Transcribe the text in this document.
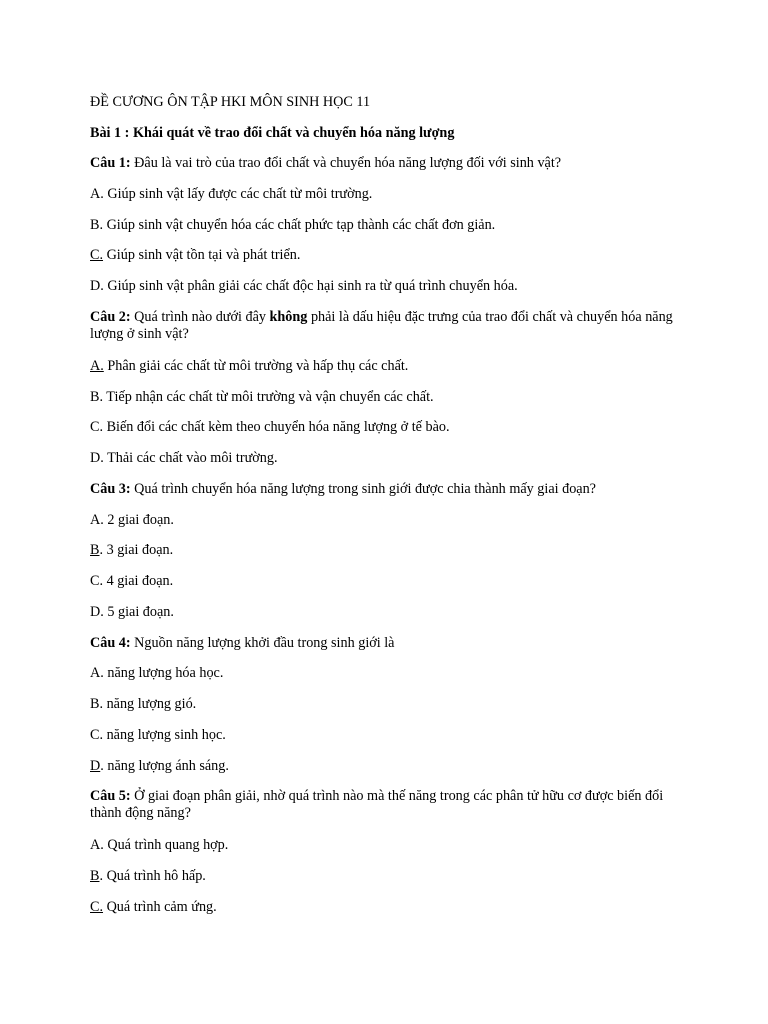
ĐỀ CƯƠNG ÔN TẬP HKI MÔN SINH HỌC 11
Bài 1 : Khái quát về trao đổi chất và chuyển hóa năng lượng
Câu 1: Đâu là vai trò của trao đổi chất và chuyển hóa năng lượng đối với sinh vật?
A. Giúp sinh vật lấy được các chất từ môi trường.
B. Giúp sinh vật chuyển hóa các chất phức tạp thành các chất đơn giản.
C. Giúp sinh vật tồn tại và phát triển.
D. Giúp sinh vật phân giải các chất độc hại sinh ra từ quá trình chuyển hóa.
Câu 2: Quá trình nào dưới đây không phải là dấu hiệu đặc trưng của trao đổi chất và chuyển hóa năng lượng ở sinh vật?
A. Phân giải các chất từ môi trường và hấp thụ các chất.
B. Tiếp nhận các chất từ môi trường và vận chuyển các chất.
C. Biến đổi các chất kèm theo chuyển hóa năng lượng ở tế bào.
D. Thải các chất vào môi trường.
Câu 3: Quá trình chuyển hóa năng lượng trong sinh giới được chia thành mấy giai đoạn?
A. 2 giai đoạn.
B. 3 giai đoạn.
C. 4 giai đoạn.
D. 5 giai đoạn.
Câu 4: Nguồn năng lượng khởi đầu trong sinh giới là
A. năng lượng hóa học.
B. năng lượng gió.
C. năng lượng sinh học.
D. năng lượng ánh sáng.
Câu 5: Ở giai đoạn phân giải, nhờ quá trình nào mà thế năng trong các phân tử hữu cơ được biến đổi thành động năng?
A. Quá trình quang hợp.
B. Quá trình hô hấp.
C. Quá trình cảm ứng.
